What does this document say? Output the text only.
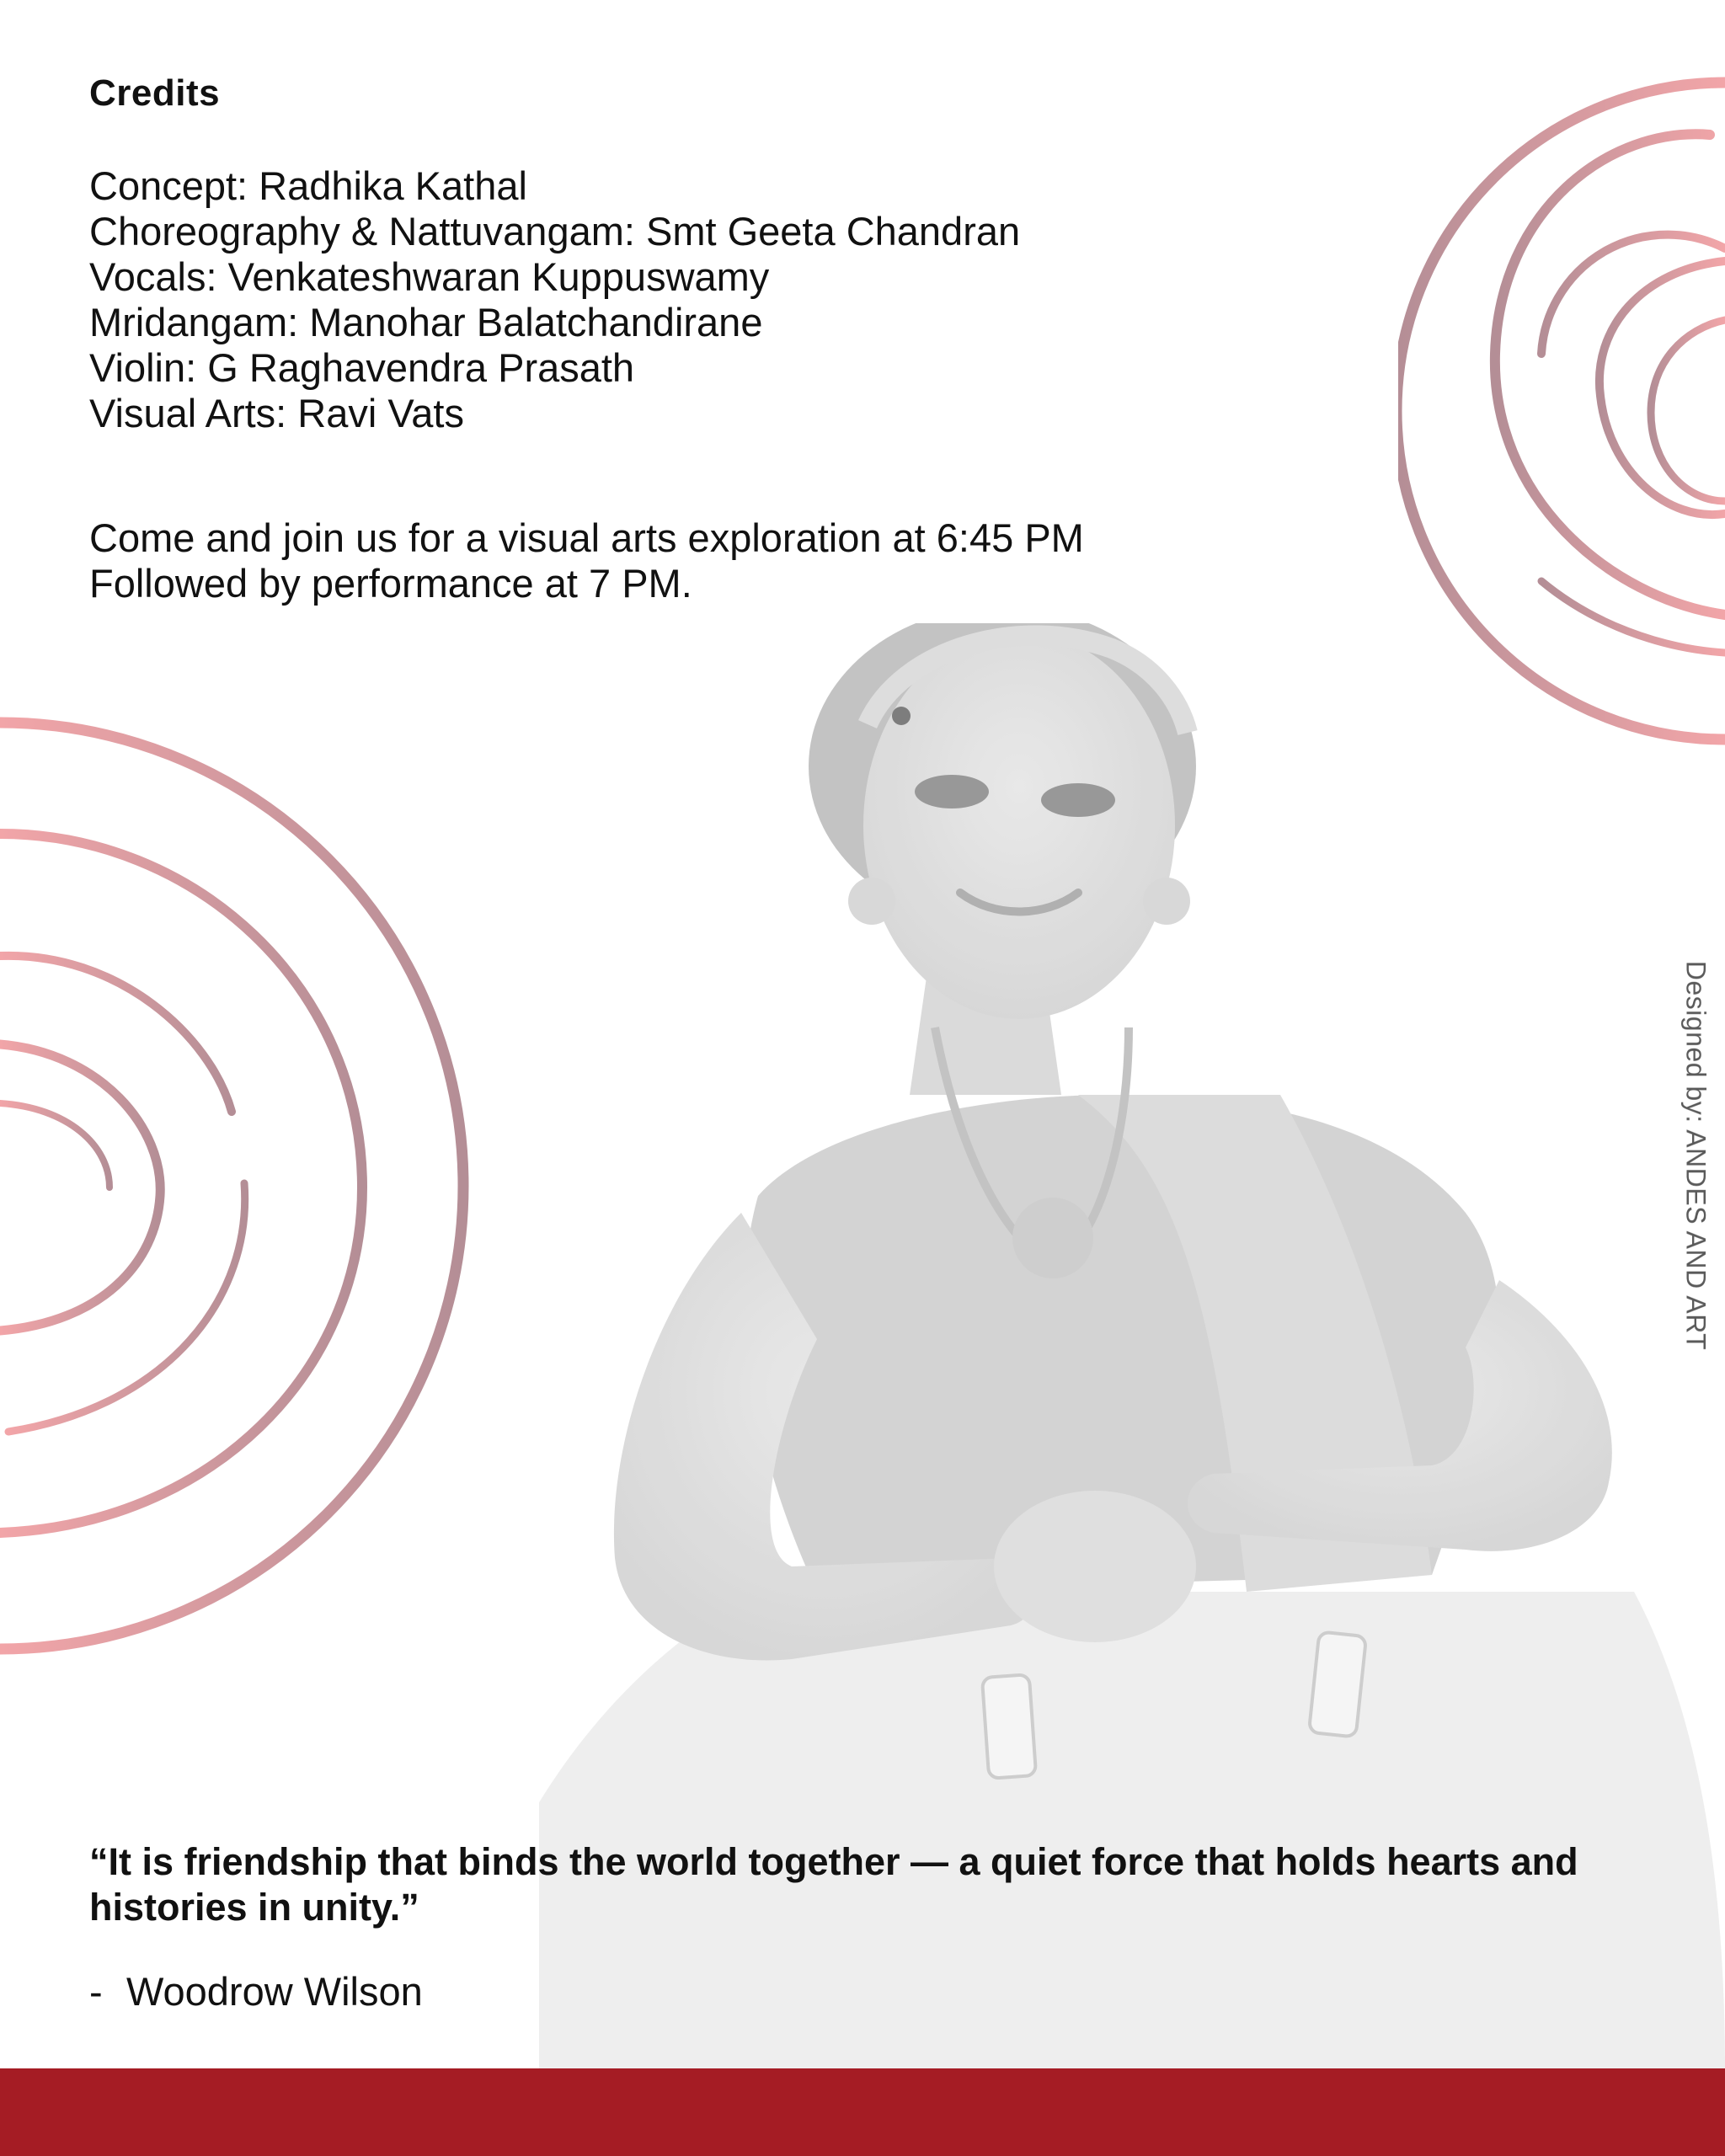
Credits
Concept: Radhika Kathal
Choreography & Nattuvangam: Smt Geeta Chandran
Vocals: Venkateshwaran Kuppuswamy
Mridangam: Manohar Balatchandirane
Violin: G Raghavendra Prasath
Visual Arts: Ravi Vats
Come and join us for a visual arts exploration at 6:45 PM
Followed by performance at 7 PM.
“It is friendship that binds the world together — a quiet force that holds hearts and histories in unity.”
- Woodrow Wilson
Designed by: ANDES AND ART
